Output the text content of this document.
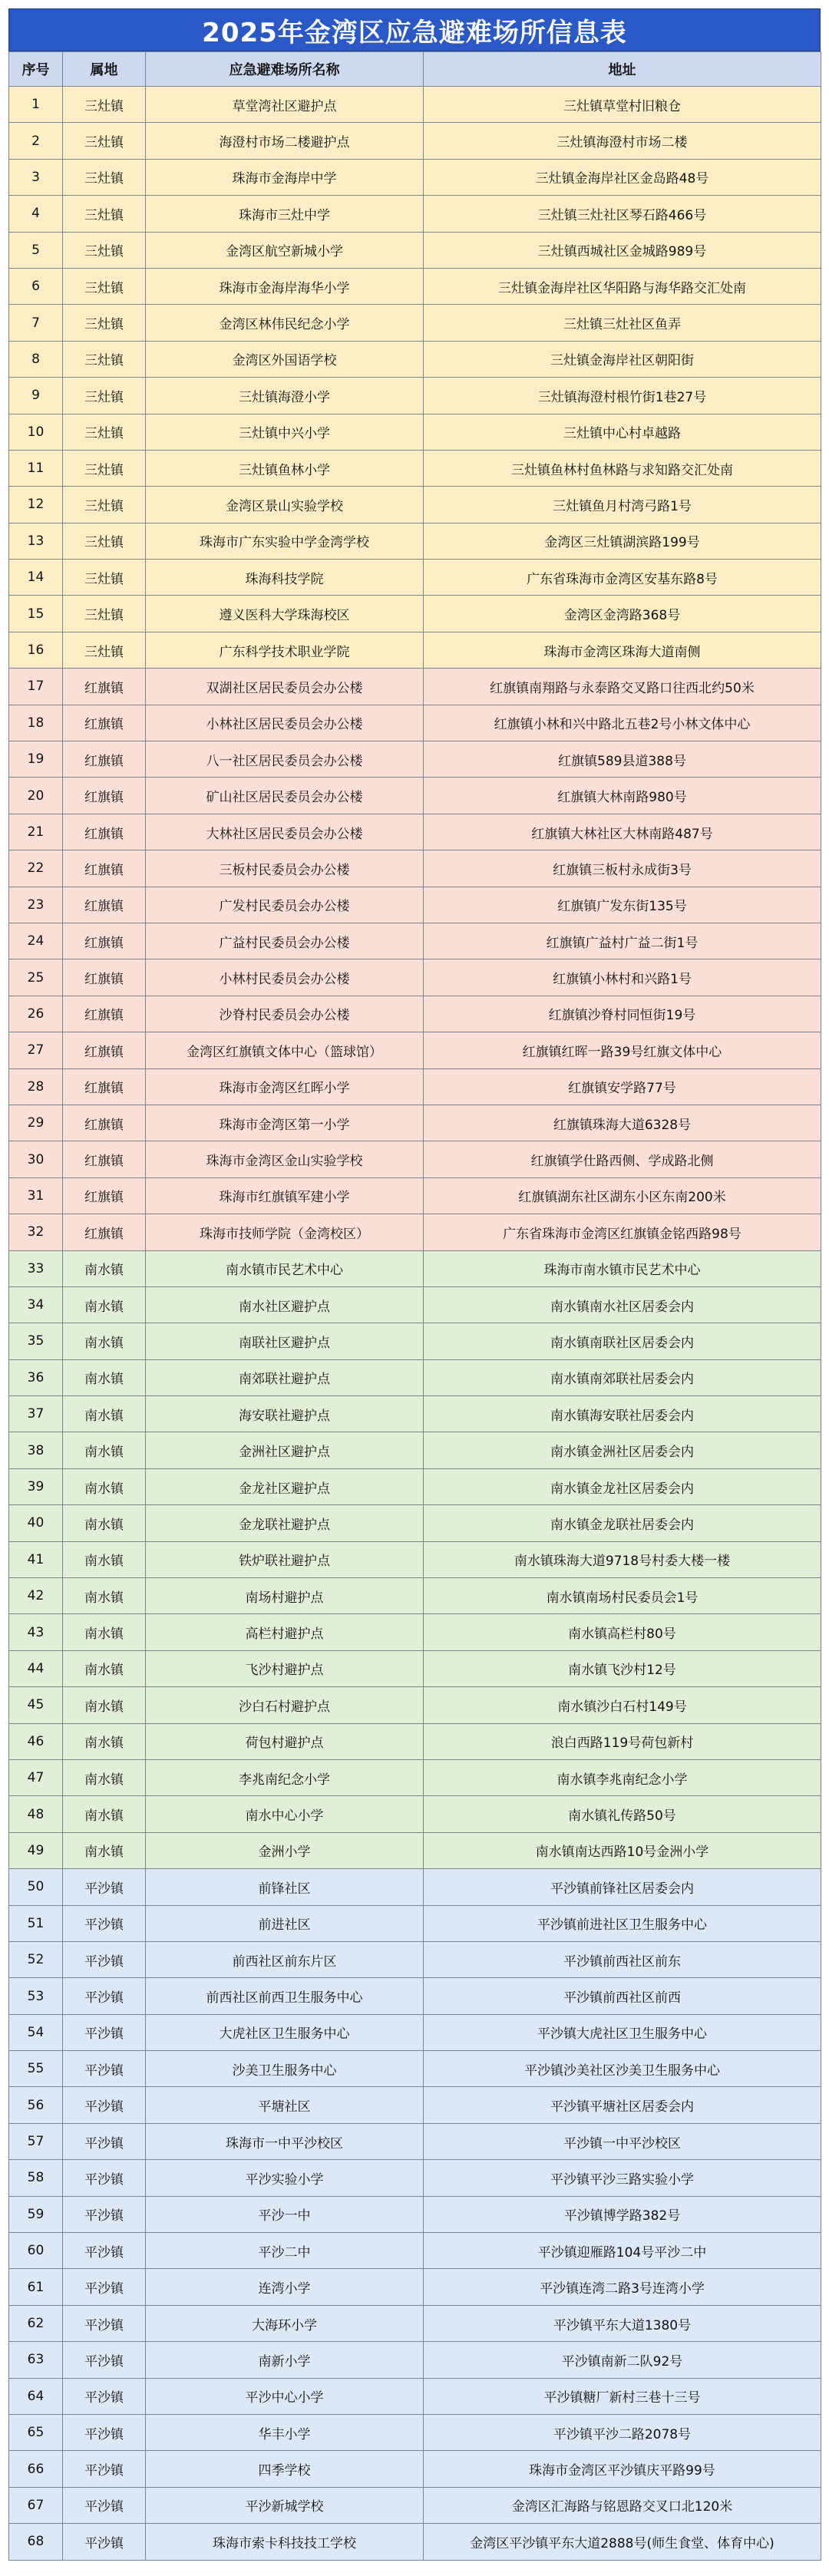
2025年金湾区应急避难场所信息表
序号	属地	应急避难场所名称	地址
1	三灶镇	草堂湾社区避护点	三灶镇草堂村旧粮仓
2	三灶镇	海澄村市场二楼避护点	三灶镇海澄村市场二楼
3	三灶镇	珠海市金海岸中学	三灶镇金海岸社区金岛路48号
4	三灶镇	珠海市三灶中学	三灶镇三灶社区琴石路466号
5	三灶镇	金湾区航空新城小学	三灶镇西城社区金城路989号
6	三灶镇	珠海市金海岸海华小学	三灶镇金海岸社区华阳路与海华路交汇处南
7	三灶镇	金湾区林伟民纪念小学	三灶镇三灶社区鱼弄
8	三灶镇	金湾区外国语学校	三灶镇金海岸社区朝阳街
9	三灶镇	三灶镇海澄小学	三灶镇海澄村根竹街1巷27号
10	三灶镇	三灶镇中兴小学	三灶镇中心村卓越路
11	三灶镇	三灶镇鱼林小学	三灶镇鱼林村鱼林路与求知路交汇处南
12	三灶镇	金湾区景山实验学校	三灶镇鱼月村湾弓路1号
13	三灶镇	珠海市广东实验中学金湾学校	金湾区三灶镇湖滨路199号
14	三灶镇	珠海科技学院	广东省珠海市金湾区安基东路8号
15	三灶镇	遵义医科大学珠海校区	金湾区金湾路368号
16	三灶镇	广东科学技术职业学院	珠海市金湾区珠海大道南侧
17	红旗镇	双湖社区居民委员会办公楼	红旗镇南翔路与永泰路交叉路口往西北约50米
18	红旗镇	小林社区居民委员会办公楼	红旗镇小林和兴中路北五巷2号小林文体中心
19	红旗镇	八一社区居民委员会办公楼	红旗镇589县道388号
20	红旗镇	矿山社区居民委员会办公楼	红旗镇大林南路980号
21	红旗镇	大林社区居民委员会办公楼	红旗镇大林社区大林南路487号
22	红旗镇	三板村民委员会办公楼	红旗镇三板村永成街3号
23	红旗镇	广发村民委员会办公楼	红旗镇广发东街135号
24	红旗镇	广益村民委员会办公楼	红旗镇广益村广益二街1号
25	红旗镇	小林村民委员会办公楼	红旗镇小林村和兴路1号
26	红旗镇	沙脊村民委员会办公楼	红旗镇沙脊村同恒街19号
27	红旗镇	金湾区红旗镇文体中心（篮球馆）	红旗镇红晖一路39号红旗文体中心
28	红旗镇	珠海市金湾区红晖小学	红旗镇安学路77号
29	红旗镇	珠海市金湾区第一小学	红旗镇珠海大道6328号
30	红旗镇	珠海市金湾区金山实验学校	红旗镇学仕路西侧、学成路北侧
31	红旗镇	珠海市红旗镇军建小学	红旗镇湖东社区湖东小区东南200米
32	红旗镇	珠海市技师学院（金湾校区）	广东省珠海市金湾区红旗镇金铭西路98号
33	南水镇	南水镇市民艺术中心	珠海市南水镇市民艺术中心
34	南水镇	南水社区避护点	南水镇南水社区居委会内
35	南水镇	南联社区避护点	南水镇南联社区居委会内
36	南水镇	南郊联社避护点	南水镇南郊联社居委会内
37	南水镇	海安联社避护点	南水镇海安联社居委会内
38	南水镇	金洲社区避护点	南水镇金洲社区居委会内
39	南水镇	金龙社区避护点	南水镇金龙社区居委会内
40	南水镇	金龙联社避护点	南水镇金龙联社居委会内
41	南水镇	铁炉联社避护点	南水镇珠海大道9718号村委大楼一楼
42	南水镇	南场村避护点	南水镇南场村民委员会1号
43	南水镇	高栏村避护点	南水镇高栏村80号
44	南水镇	飞沙村避护点	南水镇飞沙村12号
45	南水镇	沙白石村避护点	南水镇沙白石村149号
46	南水镇	荷包村避护点	浪白西路119号荷包新村
47	南水镇	李兆南纪念小学	南水镇李兆南纪念小学
48	南水镇	南水中心小学	南水镇礼传路50号
49	南水镇	金洲小学	南水镇南达西路10号金洲小学
50	平沙镇	前锋社区	平沙镇前锋社区居委会内
51	平沙镇	前进社区	平沙镇前进社区卫生服务中心
52	平沙镇	前西社区前东片区	平沙镇前西社区前东
53	平沙镇	前西社区前西卫生服务中心	平沙镇前西社区前西
54	平沙镇	大虎社区卫生服务中心	平沙镇大虎社区卫生服务中心
55	平沙镇	沙美卫生服务中心	平沙镇沙美社区沙美卫生服务中心
56	平沙镇	平塘社区	平沙镇平塘社区居委会内
57	平沙镇	珠海市一中平沙校区	平沙镇一中平沙校区
58	平沙镇	平沙实验小学	平沙镇平沙三路实验小学
59	平沙镇	平沙一中	平沙镇博学路382号
60	平沙镇	平沙二中	平沙镇迎雁路104号平沙二中
61	平沙镇	连湾小学	平沙镇连湾二路3号连湾小学
62	平沙镇	大海环小学	平沙镇平东大道1380号
63	平沙镇	南新小学	平沙镇南新二队92号
64	平沙镇	平沙中心小学	平沙镇糖厂新村三巷十三号
65	平沙镇	华丰小学	平沙镇平沙二路2078号
66	平沙镇	四季学校	珠海市金湾区平沙镇庆平路99号
67	平沙镇	平沙新城学校	金湾区汇海路与铭恩路交叉口北120米
68	平沙镇	珠海市索卡科技技工学校	金湾区平沙镇平东大道2888号(师生食堂、体育中心)
